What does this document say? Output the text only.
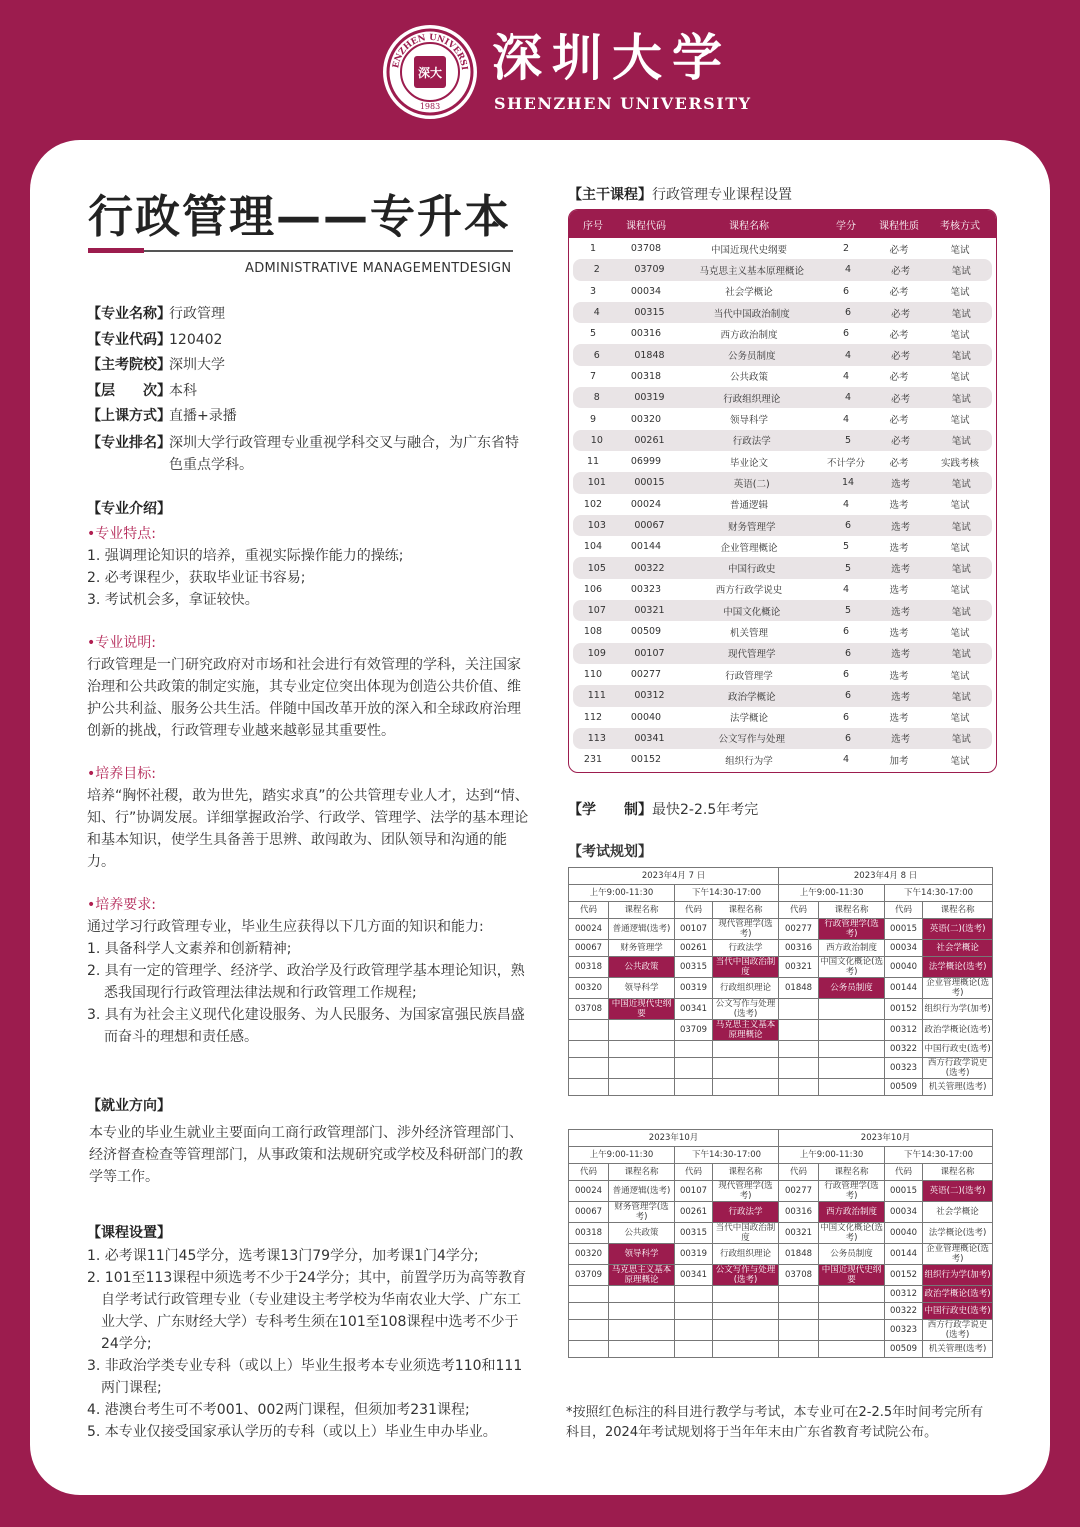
ENZHEN UNIVERSI
1983
深大 深圳大学
SHENZHEN UNIVERSITY
行政管理——专升本
ADMINISTRATIVE MANAGEMENTDESIGN
【专业名称】
行政管理
【专业代码】
120402
【主考院校】
深圳大学
【层　　次】
本科
【上课方式】
直播+录播
【专业排名】
深圳大学行政管理专业重视学科交叉与融合，为广东省特色重点学科。
【专业介绍】
•专业特点:
1. 强调理论知识的培养，重视实际操作能力的操练;
2. 必考课程少，获取毕业证书容易;
3. 考试机会多，拿证较快。
•专业说明:
行政管理是一门研究政府对市场和社会进行有效管理的学科，关注国家治理和公共政策的制定实施，其专业定位突出体现为创造公共价值、维护公共利益、服务公共生活。伴随中国改革开放的深入和全球政府治理创新的挑战，行政管理专业越来越彰显其重要性。
•培养目标:
培养“胸怀社稷，敢为世先，踏实求真”的公共管理专业人才，达到“情、知、行”协调发展。详细掌握政治学、行政学、管理学、法学的基本理论和基本知识，使学生具备善于思辨、敢闯敢为、团队领导和沟通的能力。
•培养要求:
通过学习行政管理专业，毕业生应获得以下几方面的知识和能力:
1. 具备科学人文素养和创新精神;
2. 具有一定的管理学、经济学、政治学及行政管理学基本理论知识，熟悉我国现行行政管理法律法规和行政管理工作规程;
3. 具有为社会主义现代化建设服务、为人民服务、为国家富强民族昌盛而奋斗的理想和责任感。
【就业方向】
本专业的毕业生就业主要面向工商行政管理部门、涉外经济管理部门、经济督查检查等管理部门，从事政策和法规研究或学校及科研部门的教学等工作。
【课程设置】
1. 必考课11门45学分，选考课13门79学分，加考课1门4学分;
2. 101至113课程中须选考不少于24学分；其中，前置学历为高等教育自学考试行政管理专业（专业建设主考学校为华南农业大学、广东工业大学、广东财经大学）专科考生须在101至108课程中选考不少于24学分;
3. 非政治学类专业专科（或以上）毕业生报考本专业须选考110和111两门课程;
4. 港澳台考生可不考001、002两门课程，但须加考231课程;
5. 本专业仅接受国家承认学历的专科（或以上）毕业生申办毕业。
【主干课程】行政管理专业课程设置
序号	课程代码	课程名称	学分	课程性质	考核方式
1	03708	中国近现代史纲要	2	必考	笔试
2	03709	马克思主义基本原理概论	4	必考	笔试
3	00034	社会学概论	6	必考	笔试
4	00315	当代中国政治制度	6	必考	笔试
5	00316	西方政治制度	6	必考	笔试
6	01848	公务员制度	4	必考	笔试
7	00318	公共政策	4	必考	笔试
8	00319	行政组织理论	4	必考	笔试
9	00320	领导科学	4	必考	笔试
10	00261	行政法学	5	必考	笔试
11	06999	毕业论文	不计学分	必考	实践考核
101	00015	英语(二)	14	选考	笔试
102	00024	普通逻辑	4	选考	笔试
103	00067	财务管理学	6	选考	笔试
104	00144	企业管理概论	5	选考	笔试
105	00322	中国行政史	5	选考	笔试
106	00323	西方行政学说史	4	选考	笔试
107	00321	中国文化概论	5	选考	笔试
108	00509	机关管理	6	选考	笔试
109	00107	现代管理学	6	选考	笔试
110	00277	行政管理学	6	选考	笔试
111	00312	政治学概论	6	选考	笔试
112	00040	法学概论	6	选考	笔试
113	00341	公文写作与处理	6	选考	笔试
231	00152	组织行为学	4	加考	笔试
【学　　制】最快2-2.5年考完
【考试规划】
2023年4月 7 日				2023年4月 8 日			
上午9:00-11:30		下午14:30-17:00		上午9:00-11:30		下午14:30-17:00	
代码	课程名称	代码	课程名称	代码	课程名称	代码	课程名称
00024	普通逻辑(选考)	00107	现代管理学(选考)	00277	行政管理学(选考)	00015	英语(二)(选考)
00067	财务管理学	00261	行政法学	00316	西方政治制度	00034	社会学概论
00318	公共政策	00315	当代中国政治制度	00321	中国文化概论(选考)	00040	法学概论(选考)
00320	领导科学	00319	行政组织理论	01848	公务员制度	00144	企业管理概论(选考)
03708	中国近现代史纲要	00341	公文写作与处理(选考)			00152	组织行为学(加考)
		03709	马克思主义基本原理概论			00312	政治学概论(选考)
						00322	中国行政史(选考)
						00323	西方行政学说史(选考)
						00509	机关管理(选考)
2023年10月				2023年10月			
上午9:00-11:30		下午14:30-17:00		上午9:00-11:30		下午14:30-17:00	
代码	课程名称	代码	课程名称	代码	课程名称	代码	课程名称
00024	普通逻辑(选考)	00107	现代管理学(选考)	00277	行政管理学(选考)	00015	英语(二)(选考)
00067	财务管理学(选考)	00261	行政法学	00316	西方政治制度	00034	社会学概论
00318	公共政策	00315	当代中国政治制度	00321	中国文化概论(选考)	00040	法学概论(选考)
00320	领导科学	00319	行政组织理论	01848	公务员制度	00144	企业管理概论(选考)
03709	马克思主义基本原理概论	00341	公文写作与处理(选考)	03708	中国近现代史纲要	00152	组织行为学(加考)
						00312	政治学概论(选考)
						00322	中国行政史(选考)
						00323	西方行政学说史(选考)
						00509	机关管理(选考)
*按照红色标注的科目进行教学与考试，本专业可在2-2.5年时间考完所有科目，2024年考试规划将于当年年末由广东省教育考试院公布。
